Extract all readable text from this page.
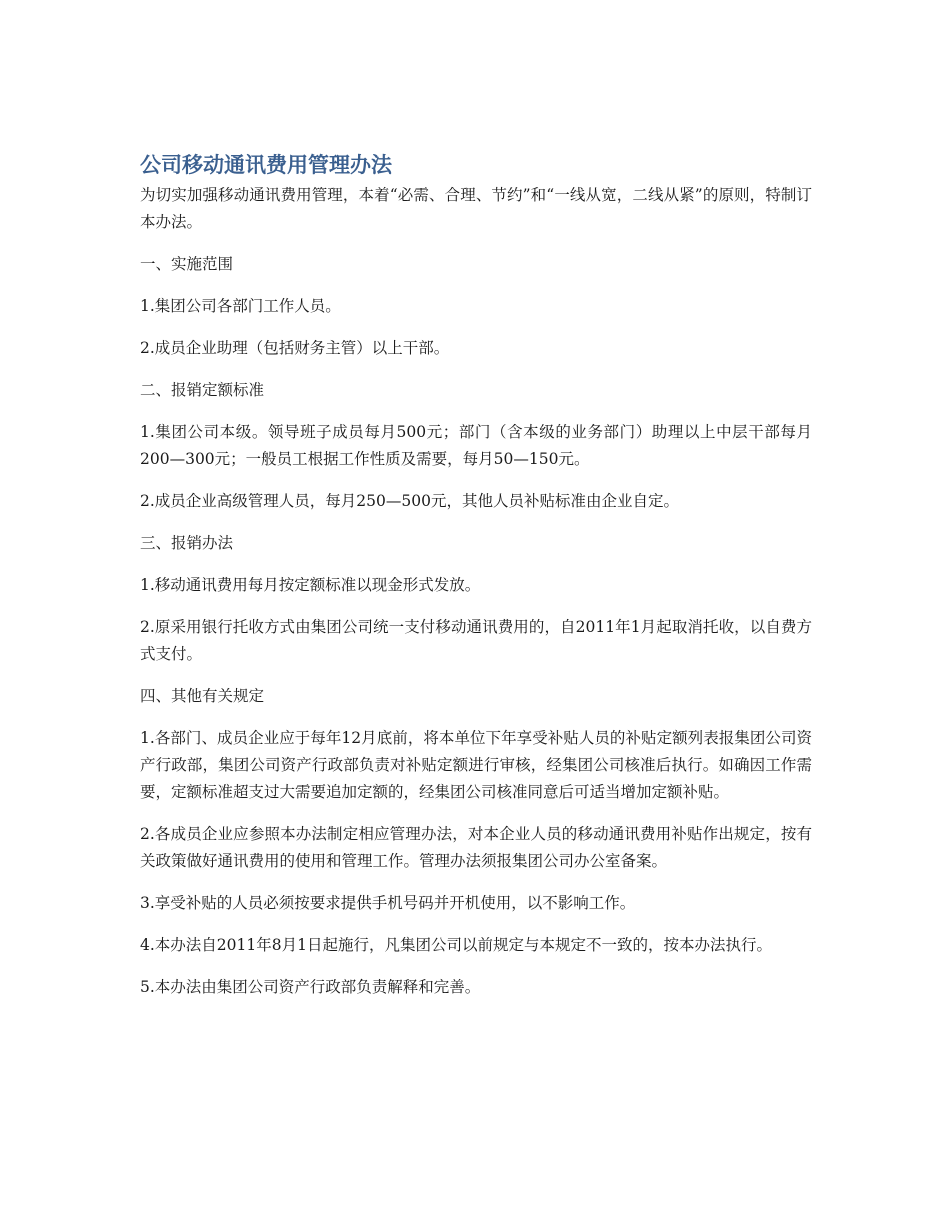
公司移动通讯费用管理办法

为切实加强移动通讯费用管理，本着“必需、合理、节约”和“一线从宽，二线从紧”的原则，特制订本办法。

一、实施范围

1.集团公司各部门工作人员。

2.成员企业助理（包括财务主管）以上干部。

二、报销定额标准

1.集团公司本级。领导班子成员每月500元；部门（含本级的业务部门）助理以上中层干部每月200—300元；一般员工根据工作性质及需要，每月50—150元。

2.成员企业高级管理人员，每月250—500元，其他人员补贴标准由企业自定。

三、报销办法

1.移动通讯费用每月按定额标准以现金形式发放。

2.原采用银行托收方式由集团公司统一支付移动通讯费用的，自2011年1月起取消托收，以自费方式支付。

四、其他有关规定

1.各部门、成员企业应于每年12月底前，将本单位下年享受补贴人员的补贴定额列表报集团公司资产行政部，集团公司资产行政部负责对补贴定额进行审核，经集团公司核准后执行。如确因工作需要，定额标准超支过大需要追加定额的，经集团公司核准同意后可适当增加定额补贴。

2.各成员企业应参照本办法制定相应管理办法，对本企业人员的移动通讯费用补贴作出规定，按有关政策做好通讯费用的使用和管理工作。管理办法须报集团公司办公室备案。

3.享受补贴的人员必须按要求提供手机号码并开机使用，以不影响工作。

4.本办法自2011年8月1日起施行，凡集团公司以前规定与本规定不一致的，按本办法执行。

5.本办法由集团公司资产行政部负责解释和完善。
